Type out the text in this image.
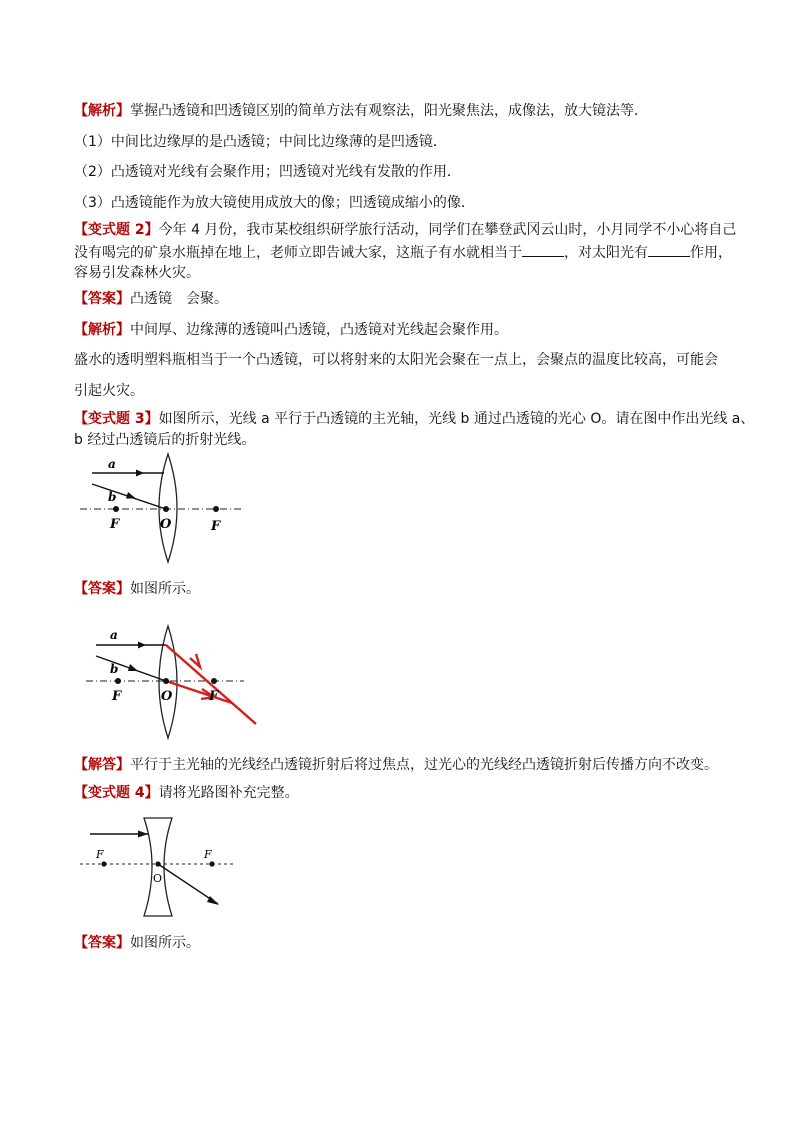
【解析】掌握凸透镜和凹透镜区别的简单方法有观察法，阳光聚焦法，成像法，放大镜法等．
（1）中间比边缘厚的是凸透镜；中间比边缘薄的是凹透镜．
（2）凸透镜对光线有会聚作用；凹透镜对光线有发散的作用．
（3）凸透镜能作为放大镜使用成放大的像；凹透镜成缩小的像．
【变式题 2】今年 4 月份，我市某校组织研学旅行活动，同学们在攀登武冈云山时，小月同学不小心将自己
没有喝完的矿泉水瓶掉在地上，老师立即告诫大家，这瓶子有水就相当于	，对太阳光有	作用，
容易引发森林火灾。
【答案】凸透镜　会聚。
【解析】中间厚、边缘薄的透镜叫凸透镜，凸透镜对光线起会聚作用。
盛水的透明塑料瓶相当于一个凸透镜，可以将射来的太阳光会聚在一点上，会聚点的温度比较高，可能会
引起火灾。
【变式题 3】如图所示，光线 a 平行于凸透镜的主光轴，光线 b 通过凸透镜的光心 O。请在图中作出光线 a、
b 经过凸透镜后的折射光线。
a
b
F	O	F
【答案】如图所示。
a
b
F	O	F
【解答】平行于主光轴的光线经凸透镜折射后将过焦点，过光心的光线经凸透镜折射后传播方向不改变。
【变式题 4】请将光路图补充完整。
F	F
O
【答案】如图所示。
